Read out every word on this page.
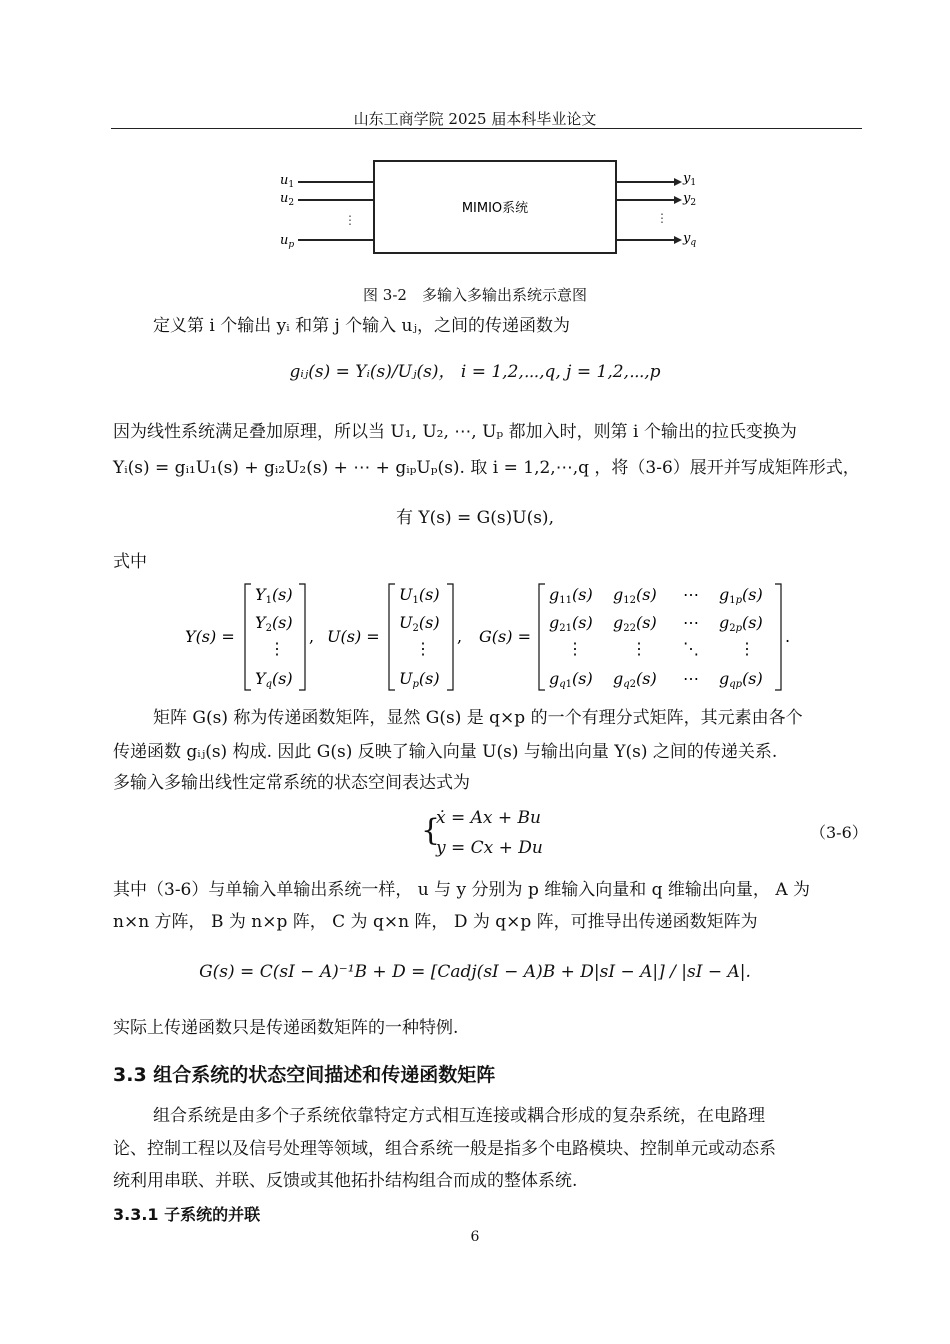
山东工商学院 2025 届本科毕业论文
MIMIO系统
⋮	⋮
$u_1$
$u_2$
$u_p$
$y_1$
$y_2$
$y_q$
图 3-2　多输入多输出系统示意图
定义第 i 个输出 yᵢ 和第 j 个输入 uⱼ，之间的传递函数为
gᵢⱼ(s) = Yᵢ(s)/Uⱼ(s)， i = 1,2,⋯,q, j = 1,2,⋯,p
因为线性系统满足叠加原理，所以当 U₁, U₂, ⋯, Uₚ 都加入时，则第 i 个输出的拉氏变换为
Yᵢ(s) = gᵢ₁U₁(s) + gᵢ₂U₂(s) + ⋯ + gᵢₚUₚ(s). 取 i = 1,2,⋯,q ，将（3-6）展开并写成矩阵形式，
有 Y(s) = G(s)U(s),
式中
Y(s) =
Y1(s)
Y2(s)
⋮
Yq(s)
, U(s) =
U1(s)
U2(s)
⋮
Up(s)
, G(s) =
g11(s) g12(s) ⋯ g1p(s)
g21(s) g22(s) ⋯ g2p(s)
⋮	⋮ ⋱	⋮
gq1(s) gq2(s) ⋯ gqp(s)
.
矩阵 G(s) 称为传递函数矩阵，显然 G(s) 是 q×p 的一个有理分式矩阵，其元素由各个
传递函数 gᵢⱼ(s) 构成. 因此 G(s) 反映了输入向量 U(s) 与输出向量 Y(s) 之间的传递关系.
多输入多输出线性定常系统的状态空间表达式为
{
ẋ = Ax + Bu
y = Cx + Du
（3-6）
其中（3-6）与单输入单输出系统一样， u 与 y 分别为 p 维输入向量和 q 维输出向量， A 为
n×n 方阵， B 为 n×p 阵， C 为 q×n 阵， D 为 q×p 阵，可推导出传递函数矩阵为
G(s) = C(sI − A)⁻¹B + D = [Cadj(sI − A)B + D|sI − A|] / |sI − A|.
实际上传递函数只是传递函数矩阵的一种特例.
3.3 组合系统的状态空间描述和传递函数矩阵
组合系统是由多个子系统依靠特定方式相互连接或耦合形成的复杂系统，在电路理
论、控制工程以及信号处理等领域，组合系统一般是指多个电路模块、控制单元或动态系
统利用串联、并联、反馈或其他拓扑结构组合而成的整体系统.
3.3.1 子系统的并联
6
